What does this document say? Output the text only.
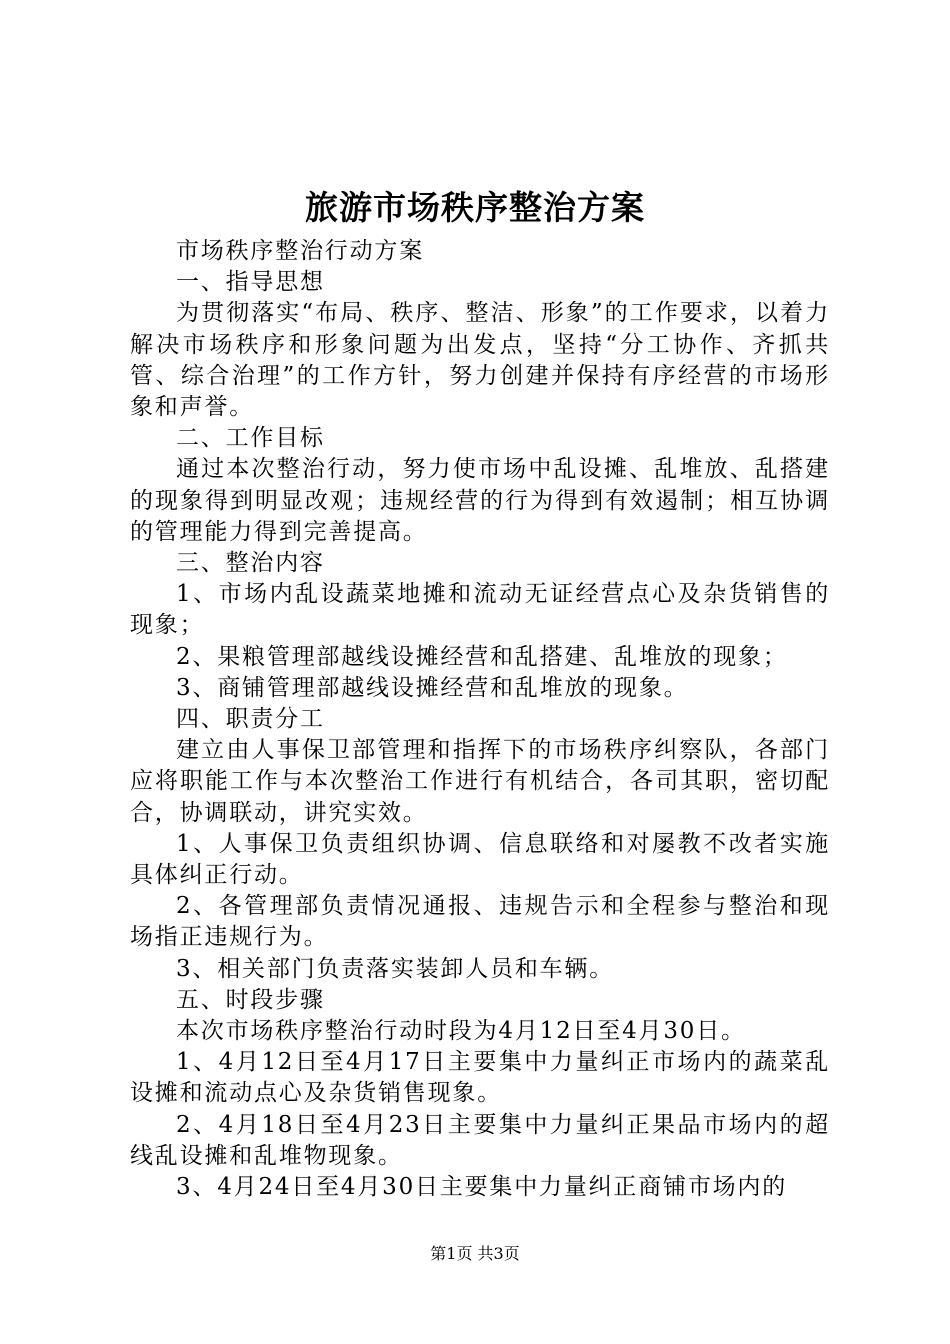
旅游市场秩序整治方案

市场秩序整治行动方案

一、指导思想

为贯彻落实“布局、秩序、整洁、形象”的工作要求，以着力解决市场秩序和形象问题为出发点，坚持“分工协作、齐抓共管、综合治理”的工作方针，努力创建并保持有序经营的市场形象和声誉。

二、工作目标

通过本次整治行动，努力使市场中乱设摊、乱堆放、乱搭建的现象得到明显改观；违规经营的行为得到有效遏制；相互协调的管理能力得到完善提高。

三、整治内容

1、市场内乱设蔬菜地摊和流动无证经营点心及杂货销售的现象；

2、果粮管理部越线设摊经营和乱搭建、乱堆放的现象；

3、商铺管理部越线设摊经营和乱堆放的现象。

四、职责分工

建立由人事保卫部管理和指挥下的市场秩序纠察队，各部门应将职能工作与本次整治工作进行有机结合，各司其职，密切配合，协调联动，讲究实效。

1、人事保卫负责组织协调、信息联络和对屡教不改者实施具体纠正行动。

2、各管理部负责情况通报、违规告示和全程参与整治和现场指正违规行为。

3、相关部门负责落实装卸人员和车辆。

五、时段步骤

本次市场秩序整治行动时段为4月12日至4月30日。

1、4月12日至4月17日主要集中力量纠正市场内的蔬菜乱设摊和流动点心及杂货销售现象。

2、4月18日至4月23日主要集中力量纠正果品市场内的超线乱设摊和乱堆物现象。

3、4月24日至4月30日主要集中力量纠正商铺市场内的

第1页 共3页
